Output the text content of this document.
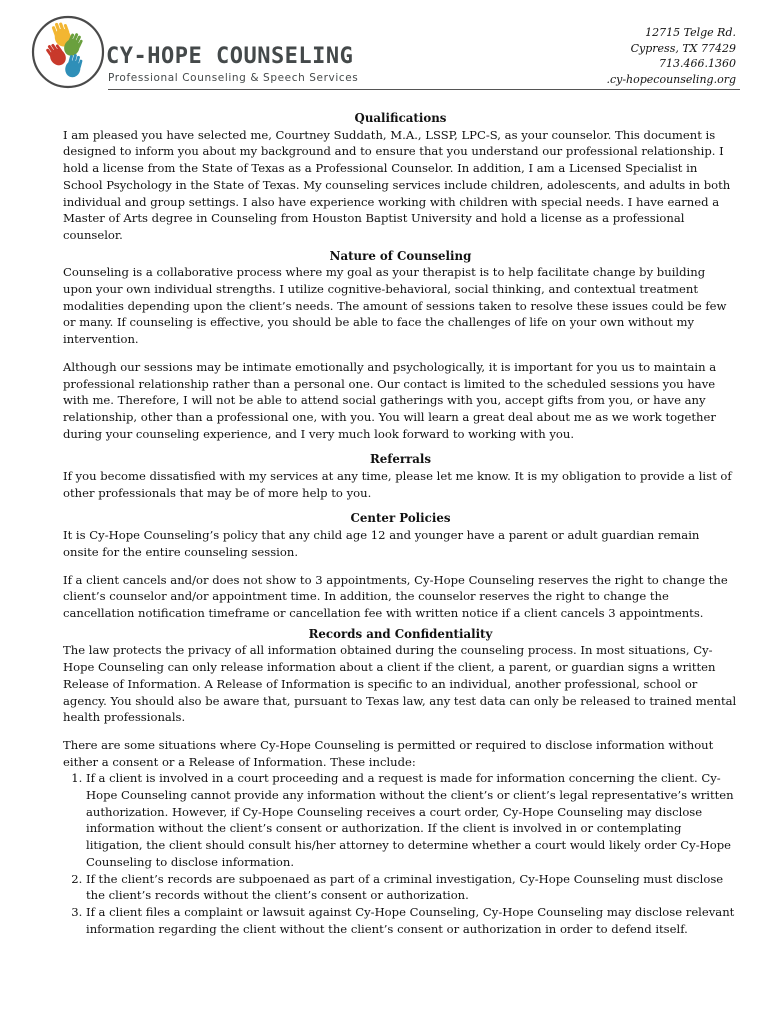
CY-HOPE COUNSELING
Professional Counseling & Speech Services
12715 Telge Rd.
Cypress, TX 77429
713.466.1360
.cy-hopecounseling.org
Qualifications

I am pleased you have selected me, Courtney Suddath, M.A., LSSP, LPC-S, as your counselor. This document is designed to inform you about my background and to ensure that you understand our professional relationship. I hold a license from the State of Texas as a Professional Counselor. In addition, I am a Licensed Specialist in School Psychology in the State of Texas. My counseling services include children, adolescents, and adults in both individual and group settings. I also have experience working with children with special needs. I have earned a Master of Arts degree in Counseling from Houston Baptist University and hold a license as a professional counselor.

Nature of Counseling

Counseling is a collaborative process where my goal as your therapist is to help facilitate change by building upon your own individual strengths. I utilize cognitive-behavioral, social thinking, and contextual treatment modalities depending upon the client’s needs. The amount of sessions taken to resolve these issues could be few or many. If counseling is effective, you should be able to face the challenges of life on your own without my intervention.

Although our sessions may be intimate emotionally and psychologically, it is important for you us to maintain a professional relationship rather than a personal one. Our contact is limited to the scheduled sessions you have with me. Therefore, I will not be able to attend social gatherings with you, accept gifts from you, or have any relationship, other than a professional one, with you. You will learn a great deal about me as we work together during your counseling experience, and I very much look forward to working with you.

Referrals

If you become dissatisfied with my services at any time, please let me know. It is my obligation to provide a list of other professionals that may be of more help to you.

Center Policies

It is Cy-Hope Counseling’s policy that any child age 12 and younger have a parent or adult guardian remain onsite for the entire counseling session.

If a client cancels and/or does not show to 3 appointments, Cy-Hope Counseling reserves the right to change the client’s counselor and/or appointment time. In addition, the counselor reserves the right to change the cancellation notification timeframe or cancellation fee with written notice if a client cancels 3 appointments.

Records and Confidentiality

The law protects the privacy of all information obtained during the counseling process. In most situations, Cy-Hope Counseling can only release information about a client if the client, a parent, or guardian signs a written Release of Information. A Release of Information is specific to an individual, another professional, school or agency. You should also be aware that, pursuant to Texas law, any test data can only be released to trained mental health professionals.

There are some situations where Cy-Hope Counseling is permitted or required to disclose information without either a consent or a Release of Information. These include:

1. If a client is involved in a court proceeding and a request is made for information concerning the client. Cy-Hope Counseling cannot provide any information without the client’s or client’s legal representative’s written authorization. However, if Cy-Hope Counseling receives a court order, Cy-Hope Counseling may disclose information without the client’s consent or authorization. If the client is involved in or contemplating litigation, the client should consult his/her attorney to determine whether a court would likely order Cy-Hope Counseling to disclose information.
2. If the client’s records are subpoenaed as part of a criminal investigation, Cy-Hope Counseling must disclose the client’s records without the client’s consent or authorization.
3. If a client files a complaint or lawsuit against Cy-Hope Counseling, Cy-Hope Counseling may disclose relevant information regarding the client without the client’s consent or authorization in order to defend itself.
